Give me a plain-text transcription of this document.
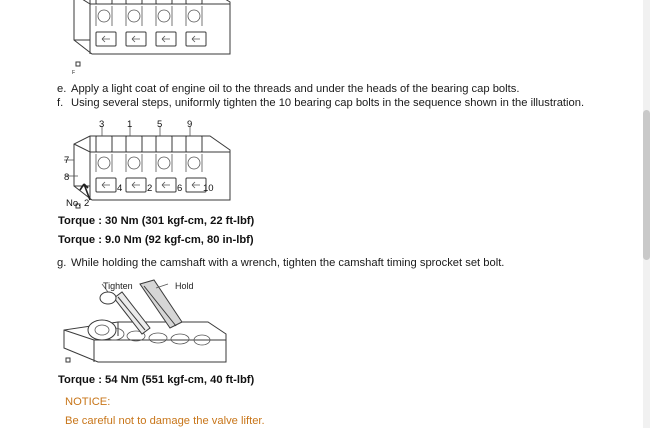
F
e. Apply a light coat of engine oil to the threads and under the heads of the bearing cap bolts.
f. Using several steps, uniformly tighten the 10 bearing cap bolts in the sequence shown in the illustration.
3 1	5	9
7
8
4	2	6 10
No. 2
Torque : 30 Nm (301 kgf-cm, 22 ft-lbf)
Torque : 9.0 Nm (92 kgf-cm, 80 in-lbf)
g. While holding the camshaft with a wrench, tighten the camshaft timing sprocket set bolt.
Tighten	Hold
Torque : 54 Nm (551 kgf-cm, 40 ft-lbf)
NOTICE:
Be careful not to damage the valve lifter.
